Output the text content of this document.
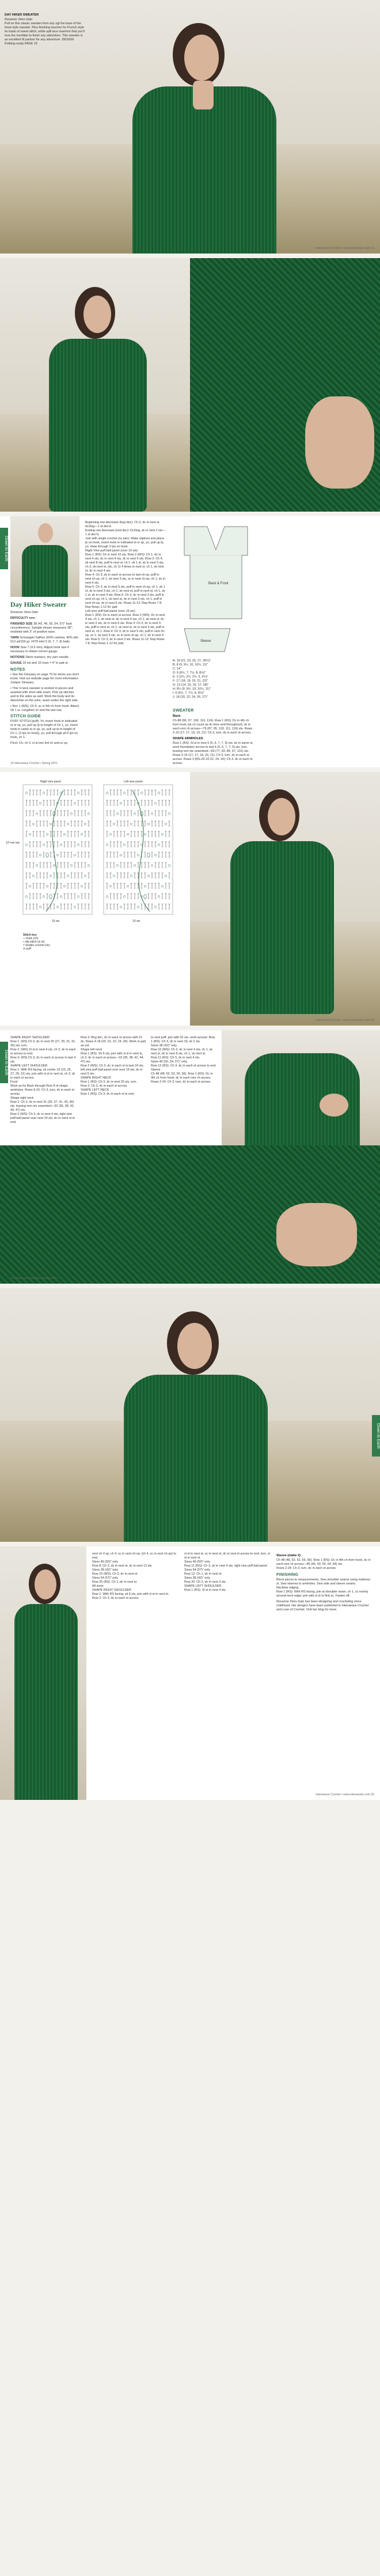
DAY HIKER SWEATER
Rosanne Simo-Sato

Pull on this classic sweater from any ogl the base of the tonal style sweater. Plus finishing touches for French style its loads of sweet stitch, while spill lace insertion that you'll love the meridian to finish any adventure. This sweater is an excellent fit partner for any adventure. DESIGN Knitting-ready PAGE 16

Interweave Crochet • www.interweave.com 11
Down to Earth
Day Hiker Sweater
Rosanne Simo-Sato

DIFFICULTY ●●●○

FINISHED SIZE 38 (42, 46, 50, 54, 57)" bust circumference. Sample shown measures 38"; modeled with 3" of positive ease.

YARN Schoeppel Saffron (60% cashew, 40% silk; 513 yd/100 g): #479 mint 5 (6, 7, 7, 8) balls.

HOOK Size 7 (4.5 mm). Adjust hook size if necessary to obtain correct gauge.

NOTIONS Stitch markers; dry yarn needle.

GAUGE 18 sts and 10 rows = 4" in patt st.

NOTES

• See the Glossary on page 70 for terms you don't know. Visit our website page for more information. Jumper Glossary

• This V-neck sweater is worked in pieces and seamed with short side seam. Pick up stitches and to the sides as well. Work the body and its diamonds on the yoke, seam under the right side.

• Nov 1 (WS): Ch 4, sc in 5th ch from hook. Attach Sk 1 st. Lengthen ch and the last row.

STITCH GUIDE

PUFF STITCH (puff): Yo, insert hook in indicated st or sp, yo, pull up lp to height of Ch 1, yo, insert hook in same st or sp, yo, pull up lp to height of Ch 1, (3 lps on hook), yo, pull through all 5 lps on hook, ch 1.

Picot: Ch, ch 4, sl st into 3rd ch and sc sp.

Beginning row decrease (beg dec): Ch 2, dc in next st, dc2tog—1 st dec'd.
Ending row decrease (end dec): Dc2tog, dc in next 2 sts—1 st dec'd.
Join with single crochet (sc join): Make slipknot and place lp on hook, insert hook in indicated st or sp, yo, pull up lp, yo, draw through 2 lps on hook.
Right Vine puff ball panel (over 19 sts)
Row 1 (RS): Dc in next 10 sts. Row 2 (WS): Ch 1, dc in next 4 sts, dc in next 4 sts, dc in next 6 sts. Row 3: Ch 4, sk next 8 sts, puff in next st, ch 1, sk 1 st, dc in next 3 sts, ch 3, sk next st, (dc, ch 1) 4 times in next st, ch 1, sk next st, dc in next 4 sts.
Row 4: Ch 3, dc in each st across to last ch-sp, puff in next ch-sp, ch 1, sk next 3 sts, sc in next ch-sp, ch 1, dc in next 4 sts.
Row 5: Ch 3, dc in next 5 sts, puff in next ch-sp, ch 1, sk 1 st, dc in next 3 sts, ch 1, sk next st, puff in next st, ch 1, sk 1 st, dc in next 4 sts. Row 6: Ch 3, dc in next 3 sts, puff in next ch-sp, ch 1, sk next st, dc in next 3 sts, ch 1, puff in next ch-sp, dc in next 6 sts. Rows 11-12: Rep Rows 7-8. Rep Rows 1-12 for patt.
Left vine puff ball panel (over 19 sts)
Row 1 (RS): Dc in each st across. Row 2 (WS): Dc in next 4 sts, ch 1, sk next st, dc in next 4 sts, ch 1, sk next st, dc in next 3 sts, dc in next 6 sts. Row 3: Ch 3, dc in next 4 sts, puff in next st, ch 1, sk next st, dc in next 3 sts, puff in next st, ch 1. Row 4: Ch 3, dc in next 5 sts, puff in next ch-sp, ch 1, sk next 3 sts, sc in next ch-sp, ch 1, dc in next 4 sts. Row 5: Ch 3, dc in next 3 sts. Rows 11-12: Rep Rows 7-8. Rep Rows 1-12 for patt.
Back & Front
Sleeve
A: 19 (21, 23, 25, 27, 28½)"
B: 8 (9, 9½, 10, 10½, 11)"
C: 14"
D: 6 (6½, 7, 7½, 8, 8½)"
E: 2 (2¼, 2½, 2¾, 3, 3¼)"
F: 17 (18, 19, 20, 21, 22)"
G: 13 (14, 15, 16, 17, 18)"
H: 8½ (9, 9½, 10, 10½, 11)"
I: 6 (6½, 7, 7½, 8, 8½)"
J: 18 (20, 22, 24, 26, 27)"
SWEATER
Back

Ch 88 (96, 97, 106, 116, 124). Row 1 (RS): Dc in 4th ch from hook (sk ch count as dc here and throughout), dc in each rem ch across—79 (87, 95, 103, 111, 119) sts. Rows 2-15 (17, 17, 19, 19, 21): Ch 3, turn, dc in each st across.

SHAPE ARMHOLES

Row 1 (RS): Sl st in next 5 (5, 6, 7, 7, 9) sts, dc in same st, work foundation across to last 5 (5, 6, 7, 7, 9) sts, turn, leaving rem sts unworked—69 (77, 83, 89, 97, 101) sts. Rows 2-16 (17, 17, 18, 20, 21): Ch 3, turn, dc in each st across. Rows 3 (RS-20-22-22, 24, 26): Ch 3, dc in each st across.

10 Interweave Crochet • Spring 2021
Right vine panel	Left vine panel
19 sts	19 sts
12-row rep
Stitch key
○ chain (ch)
• slip stitch (sl st)
† double crochet (dc)
⬭ puff
Interweave Crochet • www.interweave.com 23
Down to Earth
SHAPE RIGHT SHOULDER
Row 1: (RS) Ch 3, dc in next 25 (27, 29, 31, 31, 35) sts, turn.
Row 2: (WS) Sl st in next 4 sts, ch 3, dc in each st across to end.
Row 3: (RS) Ch 3, dc in each st across to last 4 sts.
SHAPE LEFT SHOULDER
Row 1: With RS facing, sk center 19 (23, 25, 27, 29, 31) sts, join with sl st in next st, ch 3, dc in each st across.
Front
Work as for Back through Row 8 of shape armholes. Rows 9-15: Ch 3, turn, dc in each st across.
Shape right neck
Row 1: Ch 3, dc in next 31 (35, 37, 41, 43, 46) sts, leaving rem sts unworked—32 (36, 38, 42, 44, 47) sts.
Row 2 (WS): Ch 3, dc in next 4 sts, right vine puff ball panel over next 19 sts, dc in each st to end.
Row 3: Beg dec, dc in each st across with 21 dc. Rows 4-18 (20, 22, 22, 24, 26): Work in patt as est.
Shape left neck
Row 1 (RS): Sk 6 sts, join with sl st in next st, ch 3, dc in each st across—32 (36, 38, 42, 44, 47) sts.
Row 2 (WS): Ch 3, dc in each st to last 24 sts, left vine puff ball panel over next 19 sts, dc in next 5 sts.
SHAPE RIGHT NECK
Row 1 (RS): Ch 3, dc in next 25 sts, turn.
Row 2: Ch 3, dc in each st across.
SHAPE LEFT NECK
Row 1 (RS): Ch 3, dc in each st to end.
to next puff, join with 32 sts, work around. Row 1 (RS): Ch 3, dc in next 19, sk 2 sts.
Sizes 38 (42)" only
Row 10 (WS): Ch 3, dc in next 4 sts, ch 1, sk next st, dc in next 8 sts, ch 1, sk next st.
Row 11 (RS): Ch 3, dc in next 4 sts.
Sizes 46 (50, 54, 57)" only
Row 12 (RS): Ch 3, dc in each st across to end.
Sleeve
Ch 48 (48, 52, 52, 56, 56). Row 1 (RS): Dc in 4th ch from hook, dc in each rem ch across.
Rows 2-24: Ch 3, turn, dc in each st across.
24 Interweave Crochet • Spring 2021
Down to Earth
next ch 4 sp, ch 4, sc in next ch-sp, (ch 4, sc in next ch-sp) to end.
Sizes 46 (50)" only
Row 8: Ch 3, dc in next st, dc in next 13 sts.
Sizes 38 (42)" only
Row 10 (WS): Ch 3, dc in next st.
Sizes 54 (57)" only
Row 20 (RS): Ch 1, dc in next st.
All sizes
SHAPE RIGHT SHOULDER
Row 1: With RS facing, sk 9 sts, join with sl st in next st.
Row 2: Ch 3, dc in each st across.
sl st in next st, sc in next st, dc in next st across to end, turn, sl st in next st.
Sizes 46 (50)" only
Row 11 (RS): Ch 3, dc in next 4 sts, right vine puff ball panel.
Sizes 54 (57)" only
Row 12: Ch 1, dc in next st.
Sizes 38 (42)" only
Row 20: Ch 3, dc in next 3 sts.
SHAPE LEFT SHOULDER
Row 1 (RS): Sl st in next 4 sts.
Sleeve (make 2)

Ch 48 (48, 52, 52, 56, 56). Row 1 (RS): Dc in 4th ch from hook, dc in each rem ch across—46 (46, 50, 50, 54, 54) sts.
Rows 2-24: Ch 3, turn, dc in each st across.

FINISHING

Block pieces to measurements. Sew shoulder seams using mattress st. Sew sleeves to armholes. Sew side and sleeve seams.
Neckline edging
Row 1 (RS): With RS facing, join at shoulder seam, ch 1, sc evenly around neck edge; join with sl st to first sc. Fasten off.

Rosanne Simo-Sato has been designing and crocheting since childhood. Her designs have been published in Interweave Crochet and Love of Crochet. Visit her blog for more.

Interweave Crochet • www.interweave.com 25
